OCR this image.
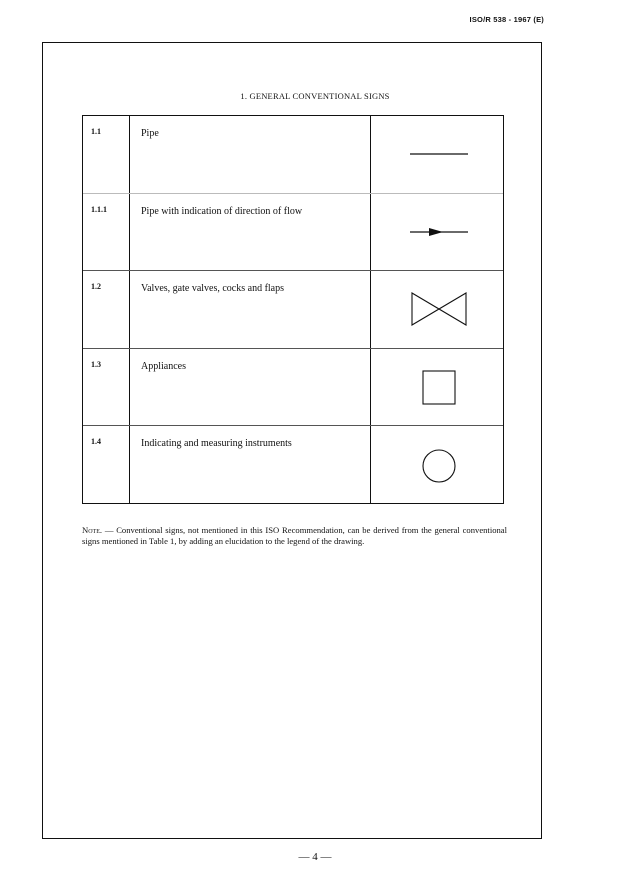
ISO/R 538 - 1967 (E)
1. GENERAL CONVENTIONAL SIGNS
1.1	Pipe
1.1.1	Pipe with indication of direction of flow
1.2	Valves, gate valves, cocks and flaps
1.3	Appliances
1.4	Indicating and measuring instruments
Note. — Conventional signs, not mentioned in this ISO Recommendation, can be derived from the general conventional signs mentioned in Table 1, by adding an elucidation to the legend of the drawing.
— 4 —
